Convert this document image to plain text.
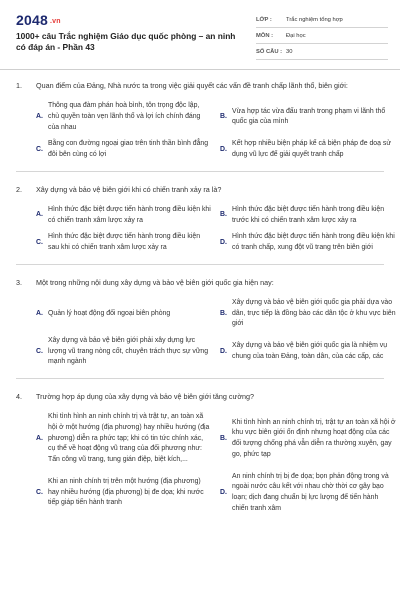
2048 .vn
1000+ câu Trắc nghiệm Giáo dục quốc phòng – an ninh có đáp án - Phần 43
LỚP :	Trắc nghiệm tổng hợp
MÔN :	Đại học
SỐ CÂU : 30
1.	Quan điểm của Đảng, Nhà nước ta trong việc giải quyết các vấn đề tranh chấp lãnh thổ, biên giới:
A.
Thông qua đàm phán hoà bình, tôn trọng độc lập, chủ quyền toàn vẹn lãnh thổ và lợi ích chính đáng của nhau
B.
Vừa hợp tác vừa đấu tranh trong phạm vi lãnh thổ quốc gia của mình
C.
Bằng con đường ngoại giao trên tinh thần bình đẳng đôi bên cùng có lợi
D.
Kết hợp nhiều biện pháp kể cả biện pháp đe doạ sử dụng vũ lực để giải quyết tranh chấp
2.	Xây dựng và bảo vệ biên giới khi có chiến tranh xảy ra là?
A.
Hình thức đặc biệt được tiến hành trong điều kiện khi có chiến tranh xâm lược xảy ra
B.
Hình thức đặc biệt được tiến hành trong điều kiện trước khi có chiến tranh xâm lược xảy ra
C.
Hình thức đặc biệt được tiến hành trong điều kiện sau khi có chiến tranh xâm lược xảy ra
D.
Hình thức đặc biệt được tiến hành trong điều kiện khi có tranh chấp, xung đột vũ trang trên biên giới
3.	Một trong những nội dung xây dựng và bảo vệ biên giới quốc gia hiện nay:
A. Quản lý hoạt động đối ngoại biên phòng	B.
Xây dựng và bảo vệ biên giới quốc gia phải dựa vào dân, trực tiếp là đồng bào các dân tộc ở khu vực biên giới
C.
Xây dựng và bảo vệ biên giới phải xây dựng lực lượng vũ trang nòng cốt, chuyên trách thực sự vững mạnh ngành
D.
Xây dựng và bảo vệ biên giới quốc gia là nhiệm vụ chung của toàn Đảng, toàn dân, của các cấp, các
4.	Trường hợp áp dụng của xây dựng và bảo vệ biên giới tăng cường?
A.
Khi tình hình an ninh chính trị và trật tự, an toàn xã hội ở một hướng (địa phương) hay nhiều hướng (địa phương) diễn ra phức tạp; khi có tin tức chính xác, cụ thể về hoạt động vũ trang của đối phương như: Tấn công vũ trang, tung gián điệp, biệt kích,...
B.
Khi tình hình an ninh chính trị, trật tự an toàn xã hội ở khu vực biên giới ổn định nhưng hoạt động của các đối tượng chống phá vẫn diễn ra thường xuyên, gay go, phức tạp
C.
Khi an ninh chính trị trên một hướng (địa phương) hay nhiều hướng (địa phương) bị đe dọa; khi nước tiếp giáp tiến hành tranh
D.
An ninh chính trị bị đe dọa; bọn phản động trong và ngoài nước câu kết với nhau chờ thời cơ gây bạo loạn; dịch đang chuẩn bị lực lượng để tiến hành chiến tranh xâm
